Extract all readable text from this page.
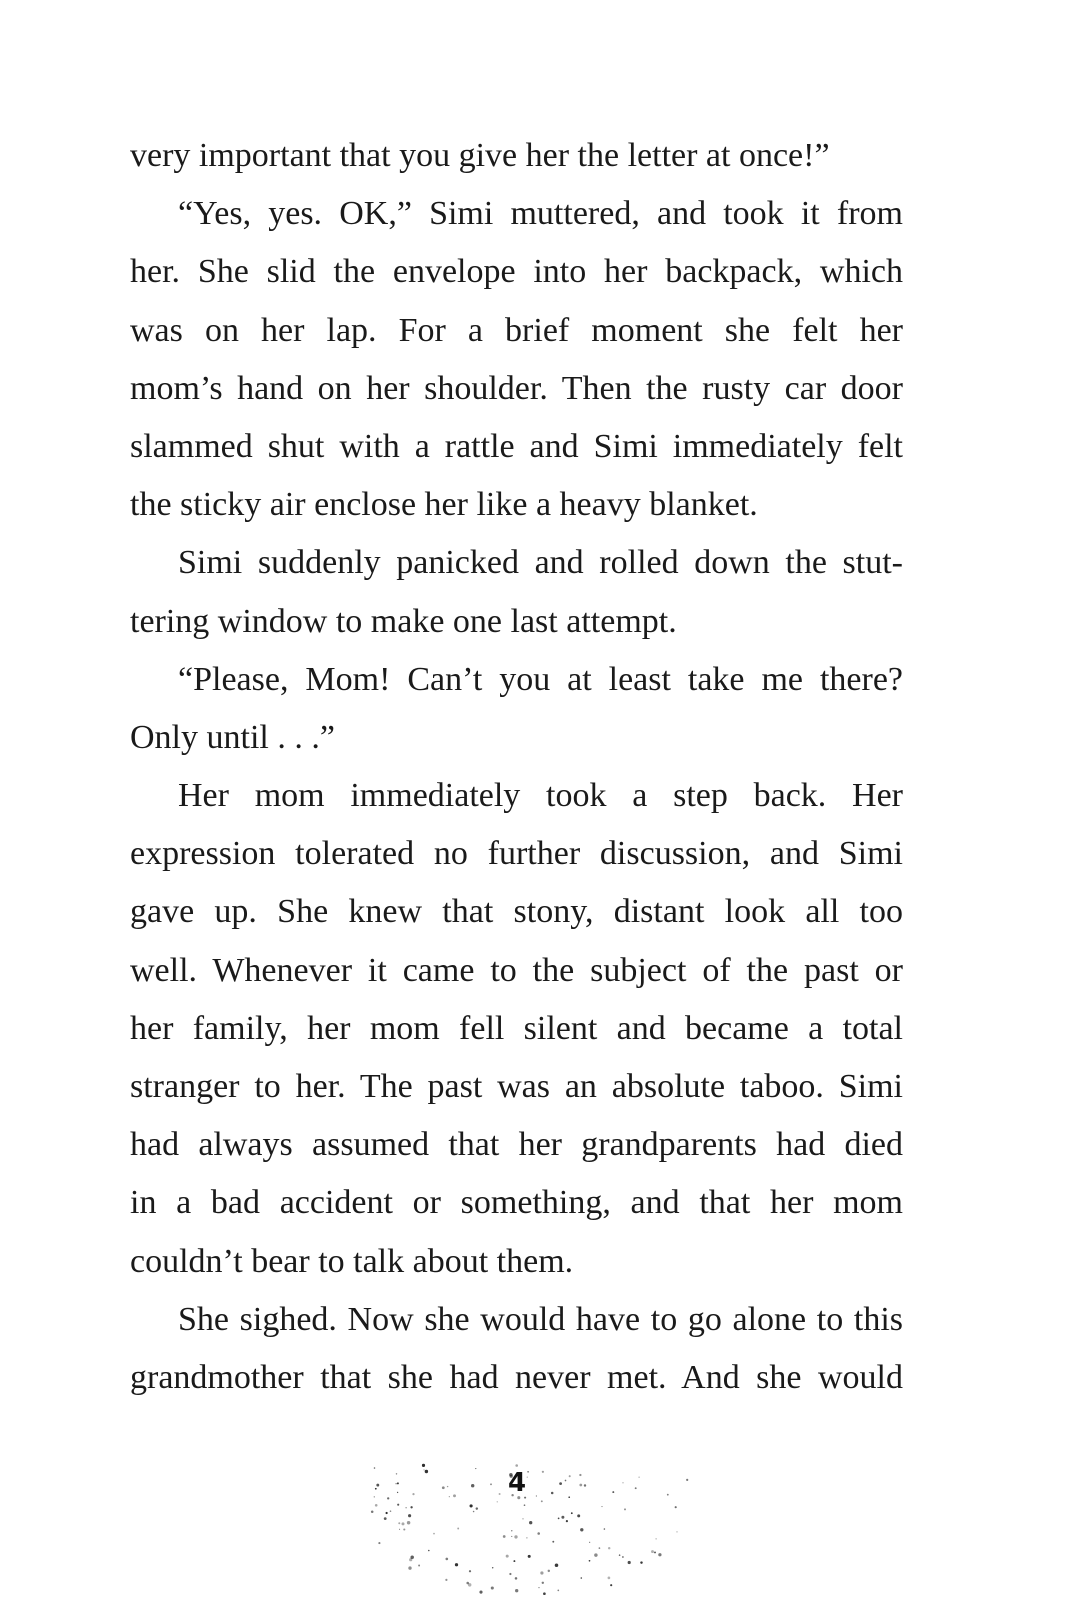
very important that you give her the letter at once!”
“Yes, yes. OK,” Simi muttered, and took it from
her. She slid the envelope into her backpack, which
was on her lap. For a brief moment she felt her
mom’s hand on her shoulder. Then the rusty car door
slammed shut with a rattle and Simi immediately felt
the sticky air enclose her like a heavy blanket.
Simi suddenly panicked and rolled down the stut-
tering window to make one last attempt.
“Please, Mom! Can’t you at least take me there?
Only until . . .”
Her mom immediately took a step back. Her
expression tolerated no further discussion, and Simi
gave up. She knew that stony, distant look all too
well. Whenever it came to the subject of the past or
her family, her mom fell silent and became a total
stranger to her. The past was an absolute taboo. Simi
had always assumed that her grandparents had died
in a bad accident or something, and that her mom
couldn’t bear to talk about them.
She sighed. Now she would have to go alone to this
grandmother that she had never met. And she would
4
